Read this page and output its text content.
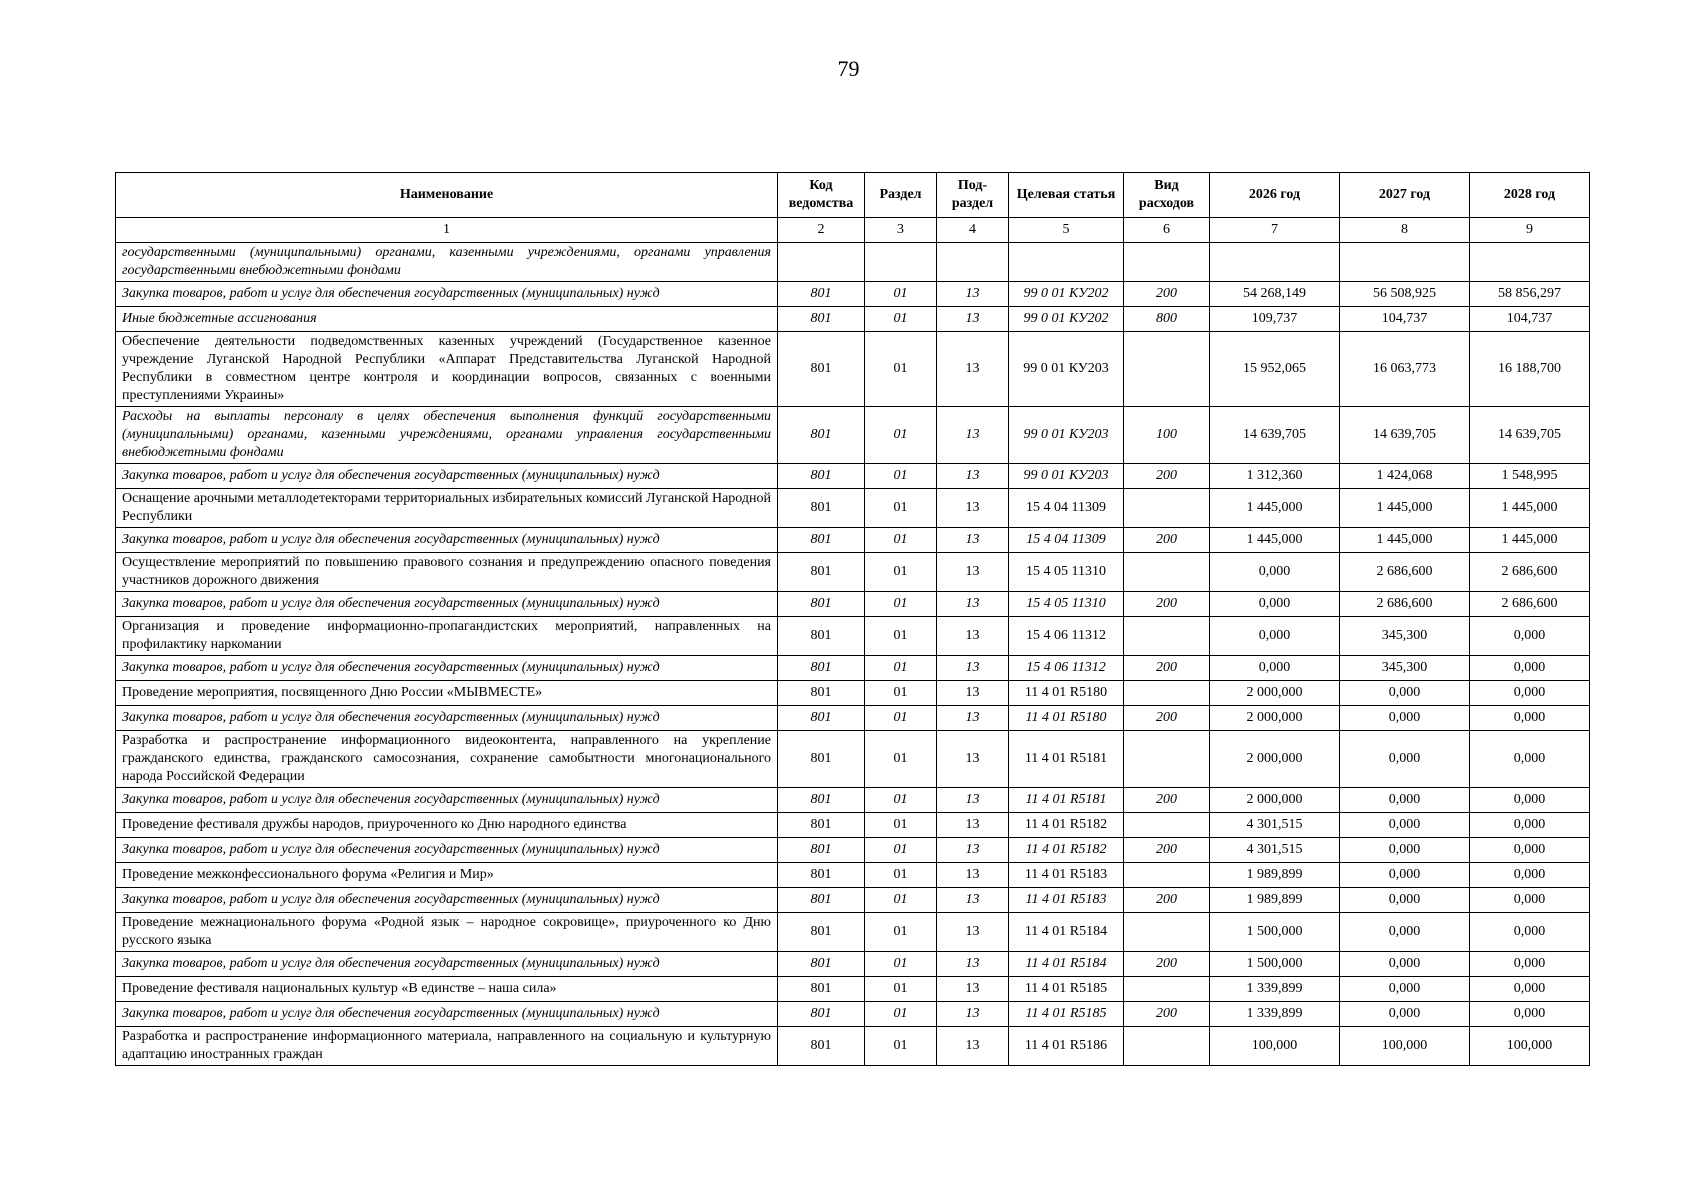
79
Наименование	Код ведомства	Раздел	Под-раздел	Целевая статья	Вид расходов	2026 год	2027 год	2028 год
1	2	3	4	5	6	7	8	9
государственными (муниципальными) органами, казенными учреждениями, органами управления государственными внебюджетными фондами								
Закупка товаров, работ и услуг для обеспечения государственных (муниципальных) нужд	801	01	13	99 0 01 КУ202	200	54 268,149	56 508,925	58 856,297
Иные бюджетные ассигнования	801	01	13	99 0 01 КУ202	800	109,737	104,737	104,737
Обеспечение деятельности подведомственных казенных учреждений (Государственное казенное учреждение Луганской Народной Республики «Аппарат Представительства Луганской Народной Республики в совместном центре контроля и координации вопросов, связанных с военными преступлениями Украины»	801	01	13	99 0 01 КУ203		15 952,065	16 063,773	16 188,700
Расходы на выплаты персоналу в целях обеспечения выполнения функций государственными (муниципальными) органами, казенными учреждениями, органами управления государственными внебюджетными фондами	801	01	13	99 0 01 КУ203	100	14 639,705	14 639,705	14 639,705
Закупка товаров, работ и услуг для обеспечения государственных (муниципальных) нужд	801	01	13	99 0 01 КУ203	200	1 312,360	1 424,068	1 548,995
Оснащение арочными металлодетекторами территориальных избирательных комиссий Луганской Народной Республики	801	01	13	15 4 04 11309		1 445,000	1 445,000	1 445,000
Закупка товаров, работ и услуг для обеспечения государственных (муниципальных) нужд	801	01	13	15 4 04 11309	200	1 445,000	1 445,000	1 445,000
Осуществление мероприятий по повышению правового сознания и предупреждению опасного поведения участников дорожного движения	801	01	13	15 4 05 11310		0,000	2 686,600	2 686,600
Закупка товаров, работ и услуг для обеспечения государственных (муниципальных) нужд	801	01	13	15 4 05 11310	200	0,000	2 686,600	2 686,600
Организация и проведение информационно-пропагандистских мероприятий, направленных на профилактику наркомании	801	01	13	15 4 06 11312		0,000	345,300	0,000
Закупка товаров, работ и услуг для обеспечения государственных (муниципальных) нужд	801	01	13	15 4 06 11312	200	0,000	345,300	0,000
Проведение мероприятия, посвященного Дню России «МЫВМЕСТЕ»	801	01	13	11 4 01 R5180		2 000,000	0,000	0,000
Закупка товаров, работ и услуг для обеспечения государственных (муниципальных) нужд	801	01	13	11 4 01 R5180	200	2 000,000	0,000	0,000
Разработка и распространение информационного видеоконтента, направленного на укрепление гражданского единства, гражданского самосознания, сохранение самобытности многонационального народа Российской Федерации	801	01	13	11 4 01 R5181		2 000,000	0,000	0,000
Закупка товаров, работ и услуг для обеспечения государственных (муниципальных) нужд	801	01	13	11 4 01 R5181	200	2 000,000	0,000	0,000
Проведение фестиваля дружбы народов, приуроченного ко Дню народного единства	801	01	13	11 4 01 R5182		4 301,515	0,000	0,000
Закупка товаров, работ и услуг для обеспечения государственных (муниципальных) нужд	801	01	13	11 4 01 R5182	200	4 301,515	0,000	0,000
Проведение межконфессионального форума «Религия и Мир»	801	01	13	11 4 01 R5183		1 989,899	0,000	0,000
Закупка товаров, работ и услуг для обеспечения государственных (муниципальных) нужд	801	01	13	11 4 01 R5183	200	1 989,899	0,000	0,000
Проведение межнационального форума «Родной язык – народное сокровище», приуроченного ко Дню русского языка	801	01	13	11 4 01 R5184		1 500,000	0,000	0,000
Закупка товаров, работ и услуг для обеспечения государственных (муниципальных) нужд	801	01	13	11 4 01 R5184	200	1 500,000	0,000	0,000
Проведение фестиваля национальных культур «В единстве – наша сила»	801	01	13	11 4 01 R5185		1 339,899	0,000	0,000
Закупка товаров, работ и услуг для обеспечения государственных (муниципальных) нужд	801	01	13	11 4 01 R5185	200	1 339,899	0,000	0,000
Разработка и распространение информационного материала, направленного на социальную и культурную адаптацию иностранных граждан	801	01	13	11 4 01 R5186		100,000	100,000	100,000
